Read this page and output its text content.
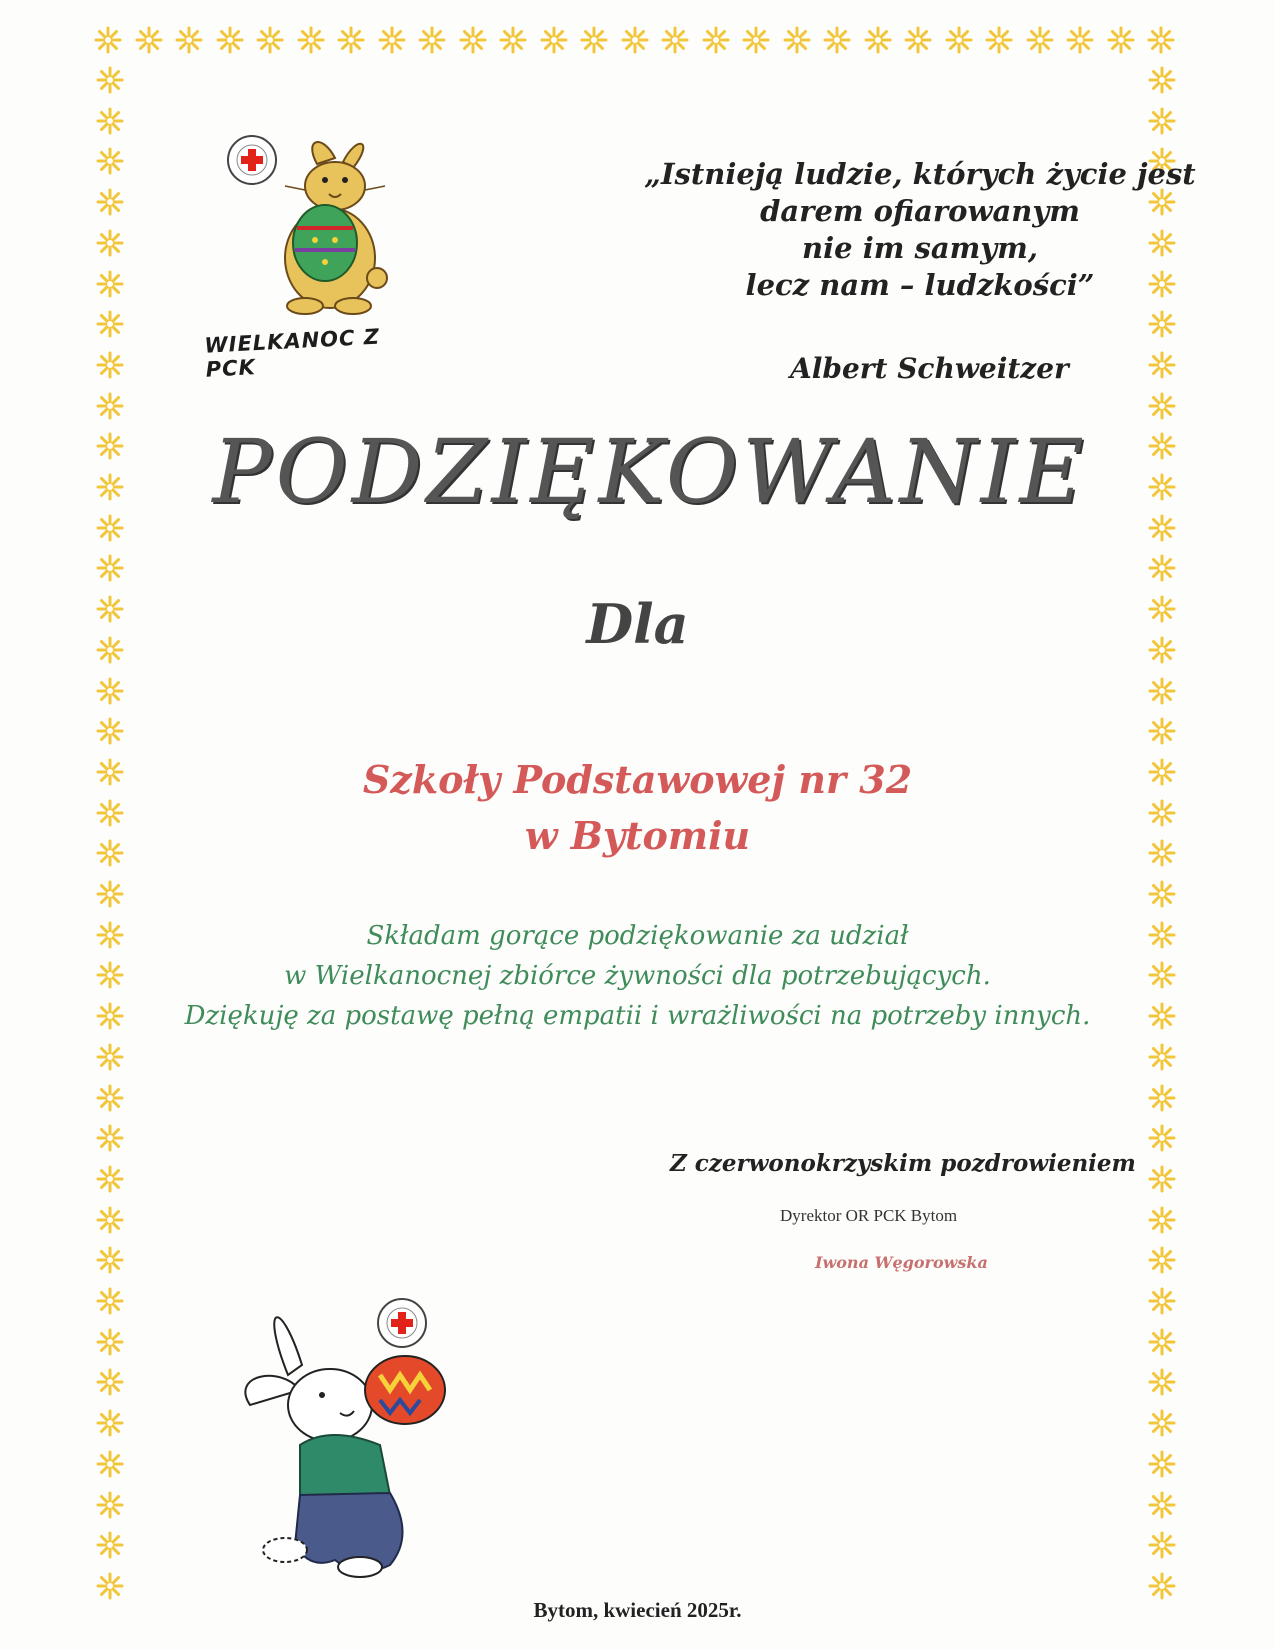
WIELKANOC Z PCK
„Istnieją ludzie, których życie jest
darem ofiarowanym
nie im samym,
lecz nam – ludzkości”
Albert Schweitzer
PODZIĘKOWANIE
Dla
Szkoły Podstawowej nr 32
w Bytomiu
Składam gorące podziękowanie za udział
w Wielkanocnej zbiórce żywności dla potrzebujących.
Dziękuję za postawę pełną empatii i wrażliwości na potrzeby innych.
Z czerwonokrzyskim pozdrowieniem
Dyrektor OR PCK Bytom
Iwona Węgorowska
Bytom, kwiecień 2025r.
